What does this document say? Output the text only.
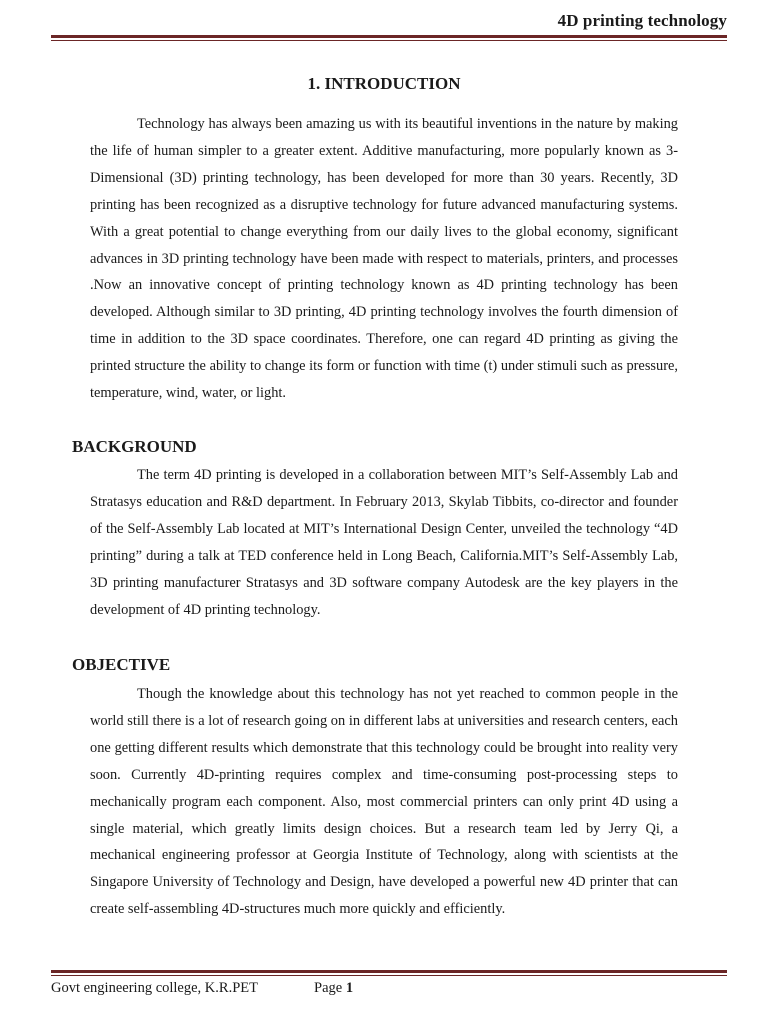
4D printing technology
1. INTRODUCTION

Technology has always been amazing us with its beautiful inventions in the nature by making the life of human simpler to a greater extent. Additive manufacturing, more popularly known as 3-Dimensional (3D) printing technology, has been developed for more than 30 years. Recently, 3D printing has been recognized as a disruptive technology for future advanced manufacturing systems. With a great potential to change everything from our daily lives to the global economy, significant advances in 3D printing technology have been made with respect to materials, printers, and processes .Now an innovative concept of printing technology known as 4D printing technology has been developed. Although similar to 3D printing, 4D printing technology involves the fourth dimension of time in addition to the 3D space coordinates. Therefore, one can regard 4D printing as giving the printed structure the ability to change its form or function with time (t) under stimuli such as pressure, temperature, wind, water, or light.

BACKGROUND

The term 4D printing is developed in a collaboration between MIT’s Self-Assembly Lab and Stratasys education and R&D department. In February 2013, Skylab Tibbits, co-director and founder of the Self-Assembly Lab located at MIT’s International Design Center, unveiled the technology “4D printing” during a talk at TED conference held in Long Beach, California.MIT’s Self-Assembly Lab, 3D printing manufacturer Stratasys and 3D software company Autodesk are the key players in the development of 4D printing technology.

OBJECTIVE

Though the knowledge about this technology has not yet reached to common people in the world still there is a lot of research going on in different labs at universities and research centers, each one getting different results which demonstrate that this technology could be brought into reality very soon. Currently 4D-printing requires complex and time-consuming post-processing steps to mechanically program each component. Also, most commercial printers can only print 4D using a single material, which greatly limits design choices. But a research team led by Jerry Qi, a mechanical engineering professor at Georgia Institute of Technology, along with scientists at the Singapore University of Technology and Design, have developed a powerful new 4D printer that can create self-assembling 4D-structures much more quickly and efficiently.

Govt engineering college, K.R.PET	Page 1
